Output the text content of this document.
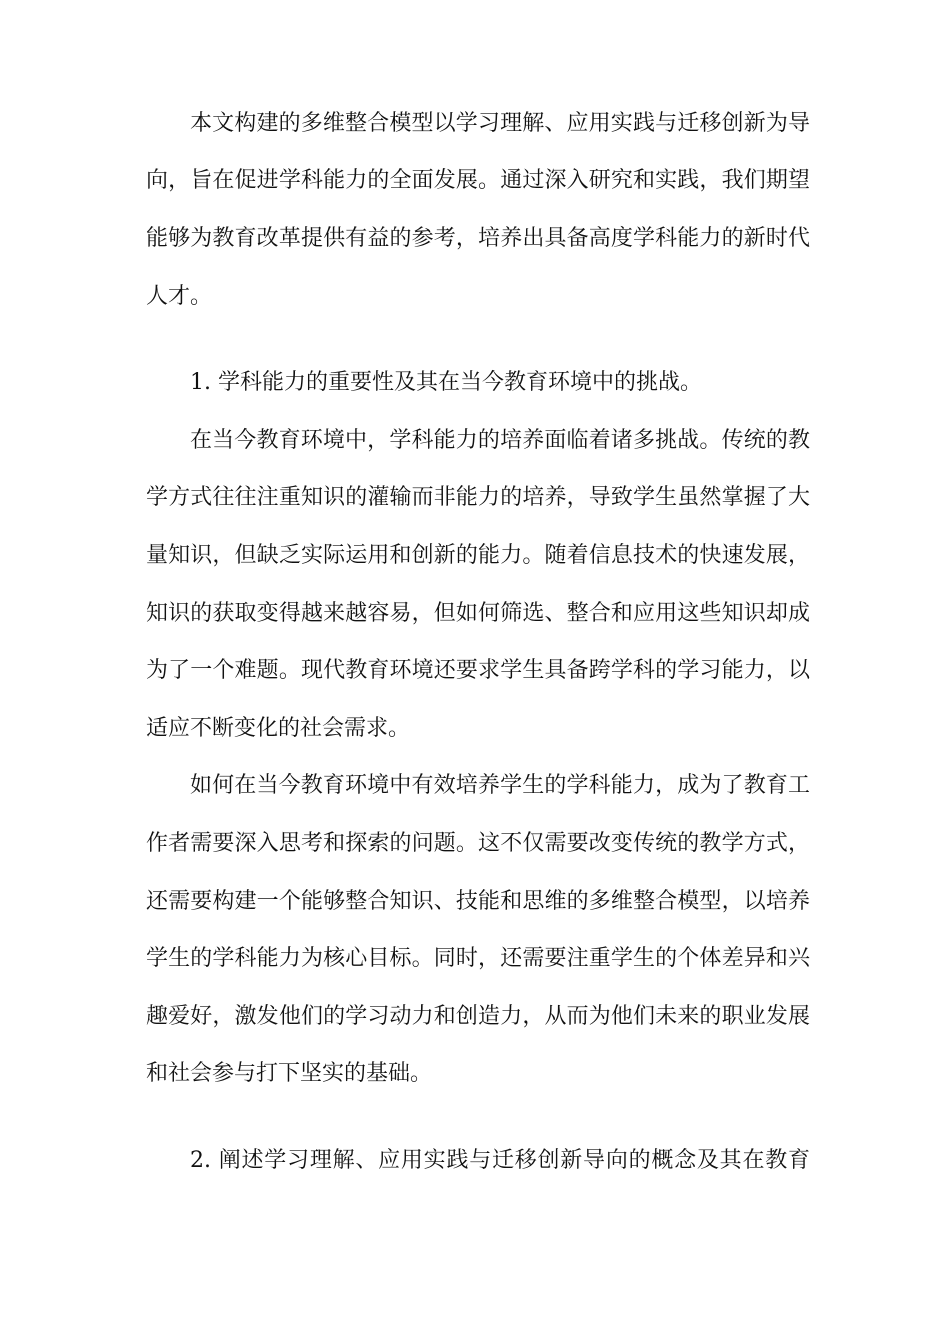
本文构建的多维整合模型以学习理解、应用实践与迁移创新为导
向，旨在促进学科能力的全面发展。通过深入研究和实践，我们期望
能够为教育改革提供有益的参考，培养出具备高度学科能力的新时代
人才。
1. 学科能力的重要性及其在当今教育环境中的挑战。
在当今教育环境中，学科能力的培养面临着诸多挑战。传统的教
学方式往往注重知识的灌输而非能力的培养，导致学生虽然掌握了大
量知识，但缺乏实际运用和创新的能力。随着信息技术的快速发展，
知识的获取变得越来越容易，但如何筛选、整合和应用这些知识却成
为了一个难题。现代教育环境还要求学生具备跨学科的学习能力，以
适应不断变化的社会需求。
如何在当今教育环境中有效培养学生的学科能力，成为了教育工
作者需要深入思考和探索的问题。这不仅需要改变传统的教学方式，
还需要构建一个能够整合知识、技能和思维的多维整合模型，以培养
学生的学科能力为核心目标。同时，还需要注重学生的个体差异和兴
趣爱好，激发他们的学习动力和创造力，从而为他们未来的职业发展
和社会参与打下坚实的基础。
2. 阐述学习理解、应用实践与迁移创新导向的概念及其在教育
